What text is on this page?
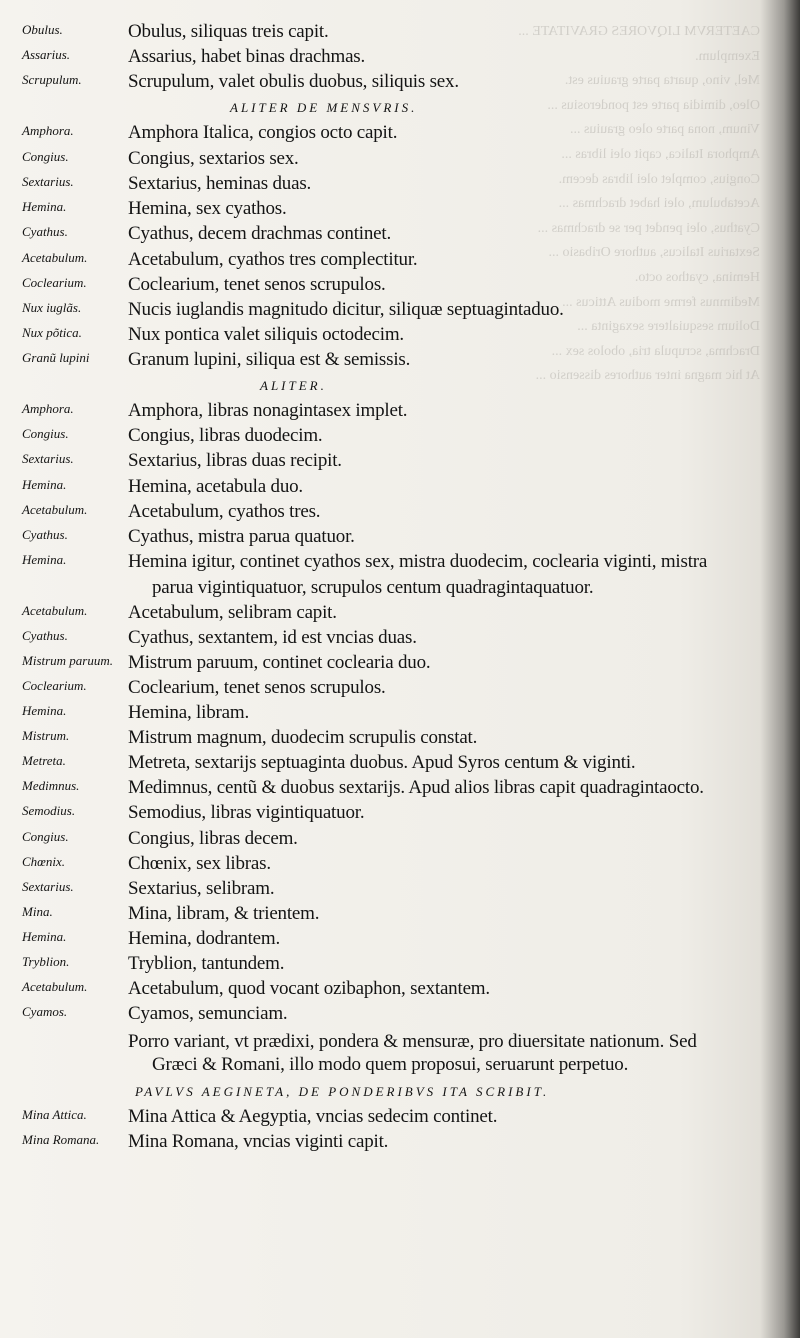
CAETERVM LIQVORES GRAVITATE ...
Exemplum.
Mel, vino, quarta parte grauius est.
Oleo, dimidia parte est ponderosius ...
Vinum, nona parte oleo grauius ...
Amphora Italica, capit olei libras ...
Congius, complet olei libras decem.
Acetabulum, olei habet drachmas ...
Cyathus, olei pendet per se drachmas ...
Sextarius Italicus, authore Oribasio ...
Hemina, cyathos octo.
Medimnus ferme modius Atticus ...
Dolium sesquialtere sexaginta ...
Drachma, scrupula tria, obolos sex ...
At hic magna inter authores dissensio ...
Obulus.	Obulus, siliquas treis capit.
Assarius.	Assarius, habet binas drachmas.
Scrupulum.	Scrupulum, valet obulis duobus, siliquis sex.
ALITER DE MENSVRIS.
Amphora.	Amphora Italica, congios octo capit.
Congius.	Congius, sextarios sex.
Sextarius.	Sextarius, heminas duas.
Hemina.	Hemina, sex cyathos.
Cyathus.	Cyathus, decem drachmas continet.
Acetabulum.	Acetabulum, cyathos tres complectitur.
Coclearium.	Coclearium, tenet senos scrupulos.
Nux iuglãs.	Nucis iuglandis magnitudo dicitur, siliquæ septuagintaduo.
Nux põtica.	Nux pontica valet siliquis octodecim.
Granũ lupini	Granum lupini, siliqua est & semissis.
ALITER.
Amphora.	Amphora, libras nonagintasex implet.
Congius.	Congius, libras duodecim.
Sextarius.	Sextarius, libras duas recipit.
Hemina.	Hemina, acetabula duo.
Acetabulum.	Acetabulum, cyathos tres.
Cyathus.	Cyathus, mistra parua quatuor.
Hemina.	Hemina igitur, continet cyathos sex, mistra duodecim, coclearia viginti, mistra
parua vigintiquatuor, scrupulos centum quadragintaquatuor.
Acetabulum.	Acetabulum, selibram capit.
Cyathus.	Cyathus, sextantem, id est vncias duas.
Mistrum paruum. Mistrum paruum, continet coclearia duo.
Coclearium.	Coclearium, tenet senos scrupulos.
Hemina.	Hemina, libram.
Mistrum.	Mistrum magnum, duodecim scrupulis constat.
Metreta.	Metreta, sextarijs septuaginta duobus. Apud Syros centum & viginti.
Medimnus.	Medimnus, centũ & duobus sextarijs. Apud alios libras capit quadragintaocto.
Semodius.	Semodius, libras vigintiquatuor.
Congius.	Congius, libras decem.
Chœnix.	Chœnix, sex libras.
Sextarius.	Sextarius, selibram.
Mina.	Mina, libram, & trientem.
Hemina.	Hemina, dodrantem.
Tryblion.	Tryblion, tantundem.
Acetabulum.	Acetabulum, quod vocant ozibaphon, sextantem.
Cyamos.	Cyamos, semunciam.
Porro variant, vt prædixi, pondera & mensuræ, pro diuersitate nationum. Sed
Græci & Romani, illo modo quem proposui, seruarunt perpetuo.
PAVLVS AEGINETA, DE PONDERIBVS ITA SCRIBIT.
Mina Attica.	Mina Attica & Aegyptia, vncias sedecim continet.
Mina Romana.	Mina Romana, vncias viginti capit.
